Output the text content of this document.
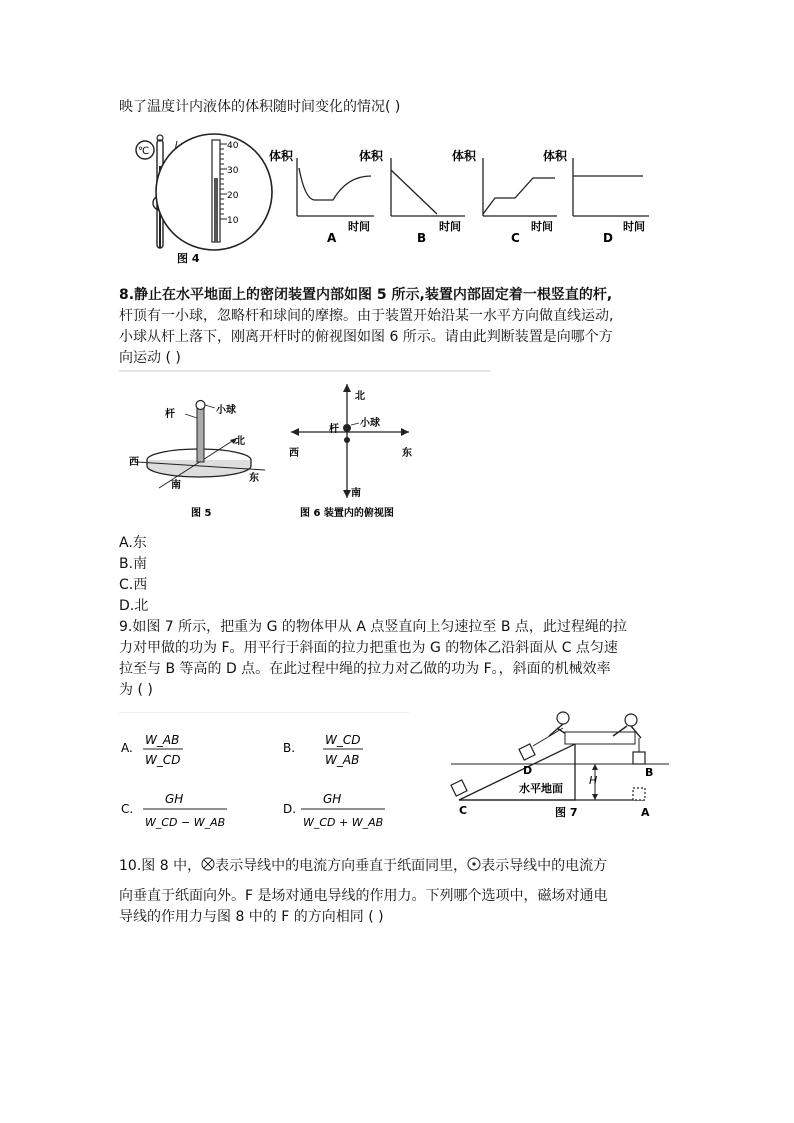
映了温度计内液体的体积随时间变化的情况( )
℃	40
30
20
10
图 4
体积
时间
A
体积
时间
B
体积
时间
C
体积
时间
D
8.静止在水平地面上的密闭装置内部如图 5 所示,装置内部固定着一根竖直的杆,
杆顶有一小球，忽略杆和球间的摩擦。由于装置开始沿某一水平方向做直线运动,
小球从杆上落下，刚离开杆时的俯视图如图 6 所示。请由此判断装置是向哪个方
向运动 ( )
杆	小球
北
西
东
南
图 5
北
杆
小球
西	东
南
图 6 装置内的俯视图
A.东
B.南
C.西
D.北
9.如图 7 所示，把重为 G 的物体甲从 A 点竖直向上匀速拉至 B 点，此过程绳的拉
力对甲做的功为 F。用平行于斜面的拉力把重也为 G 的物体乙沿斜面从 C 点匀速
拉至与 B 等高的 D 点。在此过程中绳的拉力对乙做的功为 F。，斜面的机械效率
为 ( )
A.
W_AB
W_CD
B.
W_CD
W_AB
C.
GH
W_CD − W_AB
D.
GH
W_CD + W_AB
D
H
B
水平地面
C	图 7	A
10.图 8 中， 表示导线中的电流方向垂直于纸面同里， 表示导线中的电流方
向垂直于纸面向外。F 是场对通电导线的作用力。下列哪个选项中，磁场对通电
导线的作用力与图 8 中的 F 的方向相同 ( )
